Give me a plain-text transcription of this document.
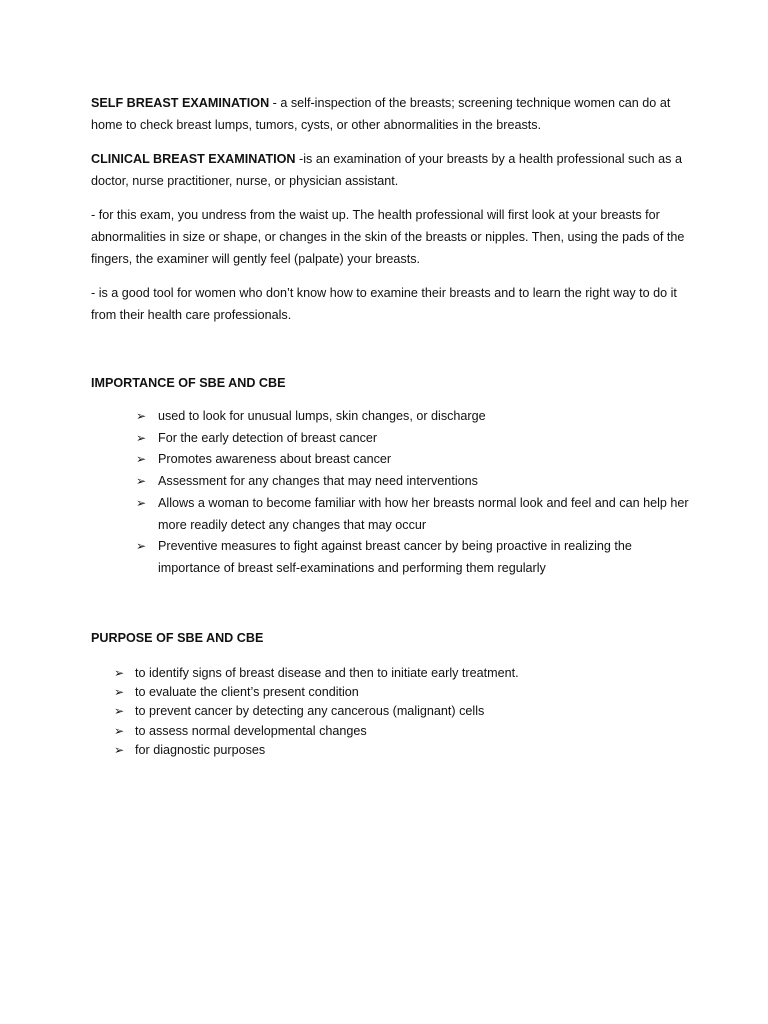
SELF BREAST EXAMINATION - a self-inspection of the breasts; screening technique women can do at home to check breast lumps, tumors, cysts, or other abnormalities in the breasts.

CLINICAL BREAST EXAMINATION -is an examination of your breasts by a health professional such as a doctor, nurse practitioner, nurse, or physician assistant.

- for this exam, you undress from the waist up. The health professional will first look at your breasts for abnormalities in size or shape, or changes in the skin of the breasts or nipples. Then, using the pads of the fingers, the examiner will gently feel (palpate) your breasts.

- is a good tool for women who don’t know how to examine their breasts and to learn the right way to do it from their health care professionals.

IMPORTANCE OF SBE AND CBE

➢ used to look for unusual lumps, skin changes, or discharge
➢ For the early detection of breast cancer
➢ Promotes awareness about breast cancer
➢ Assessment for any changes that may need interventions
➢ Allows a woman to become familiar with how her breasts normal look and feel and can help her more readily detect any changes that may occur
➢ Preventive measures to fight against breast cancer by being proactive in realizing the importance of breast self-examinations and performing them regularly

PURPOSE OF SBE AND CBE

➢ to identify signs of breast disease and then to initiate early treatment.
➢ to evaluate the client’s present condition
➢ to prevent cancer by detecting any cancerous (malignant) cells
➢ to assess normal developmental changes
➢ for diagnostic purposes
